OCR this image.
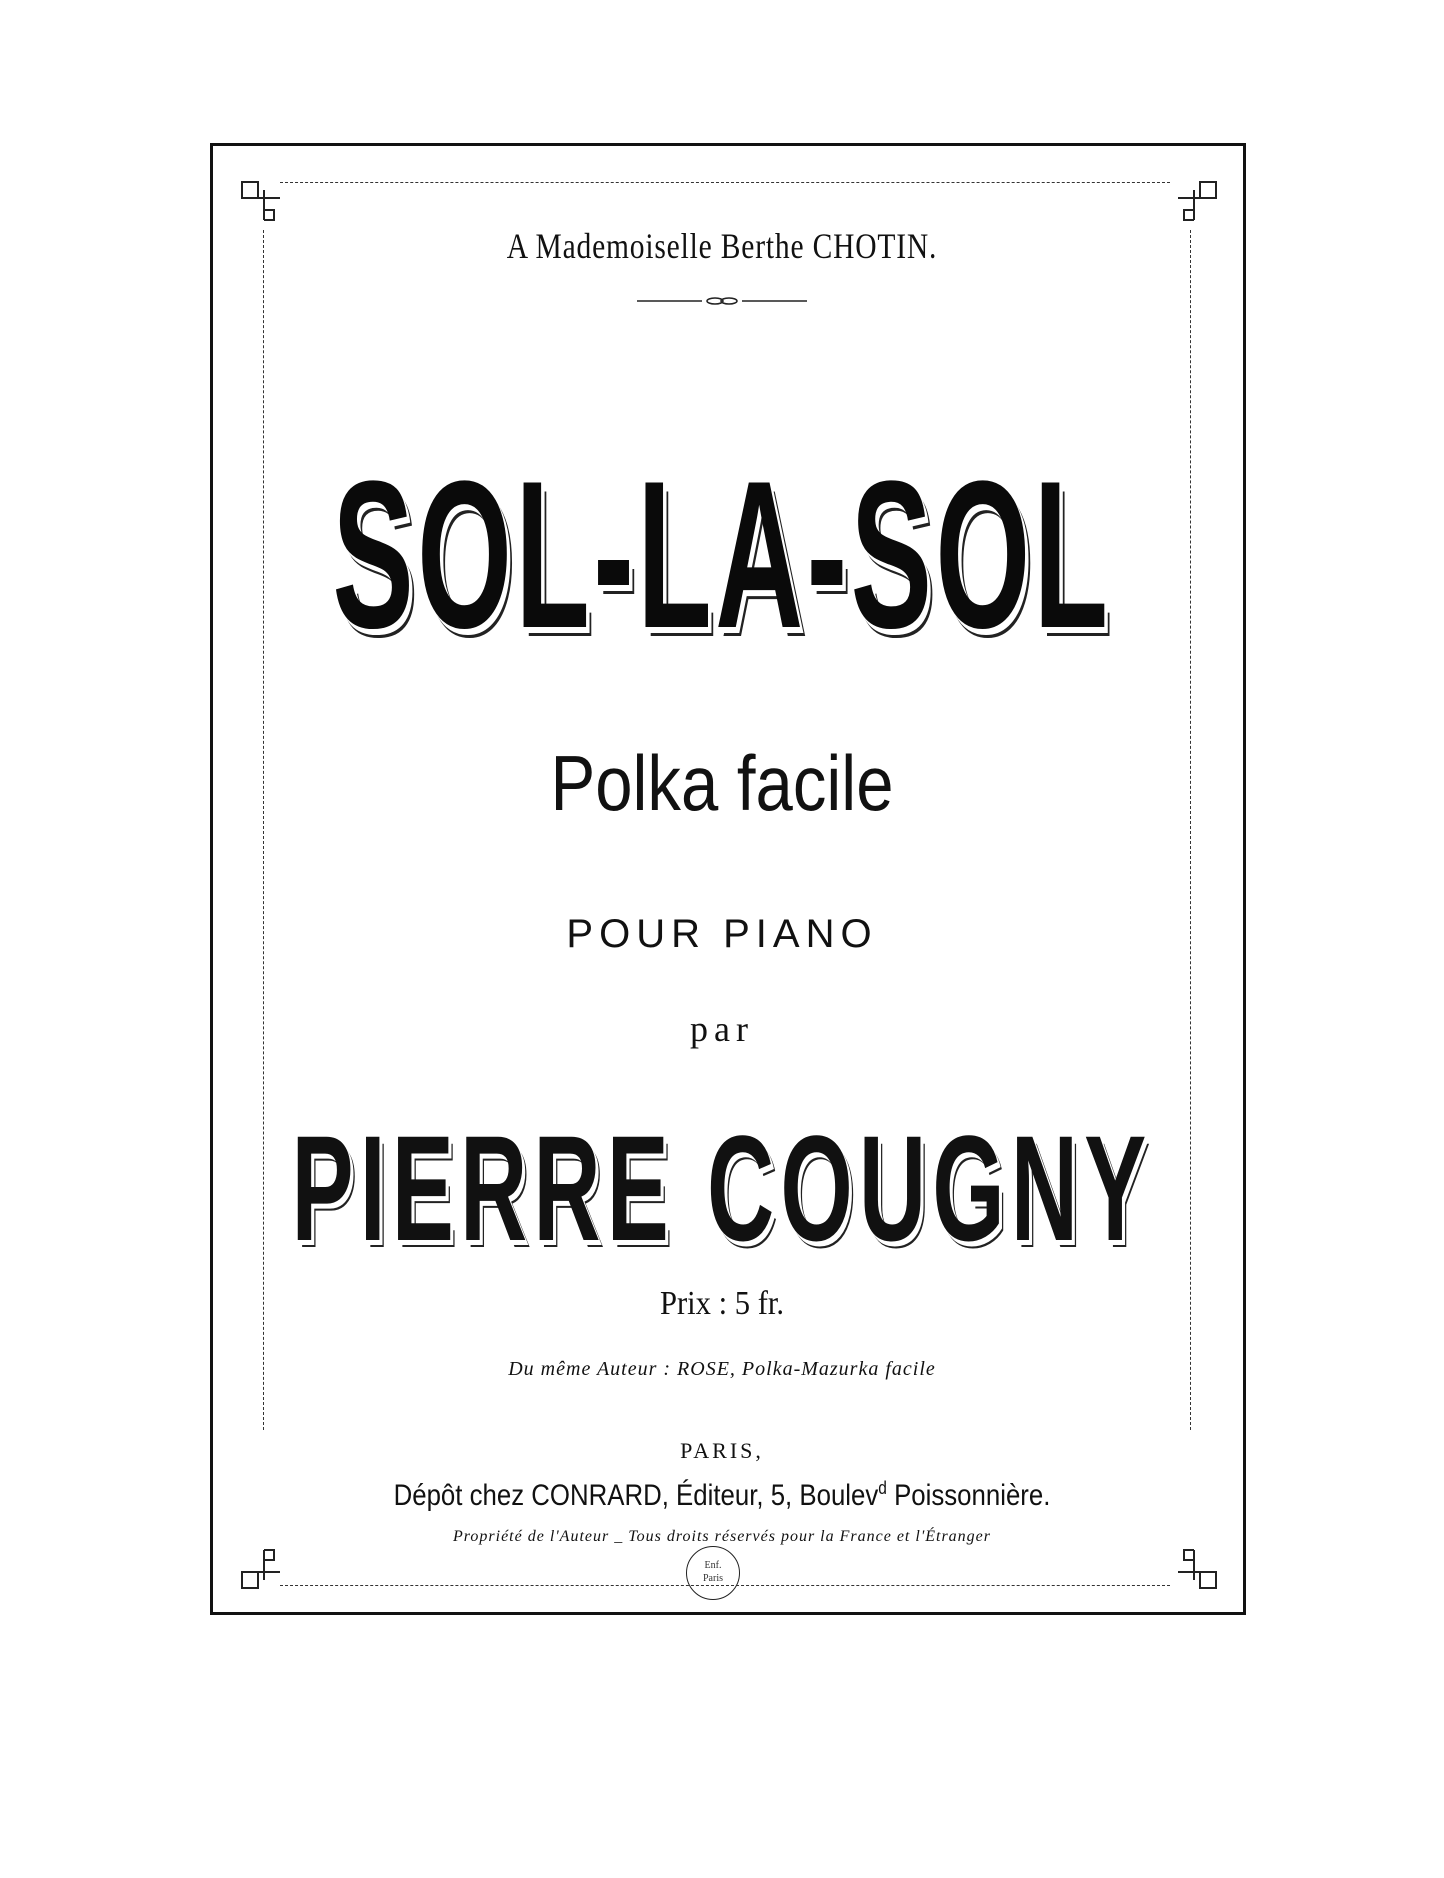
A Mademoiselle Berthe CHOTIN.
SOL-LA-SOL
Polka facile
POUR PIANO
par
PIERRE COUGNY
Prix : 5 fr.
Du même Auteur : ROSE, Polka-Mazurka facile
PARIS,
Dépôt chez CONRARD, Éditeur, 5, Boulev$^d$ Poissonnière.
Propriété de l'Auteur _ Tous droits réservés pour la France et l'Étranger
Enf.
Paris
